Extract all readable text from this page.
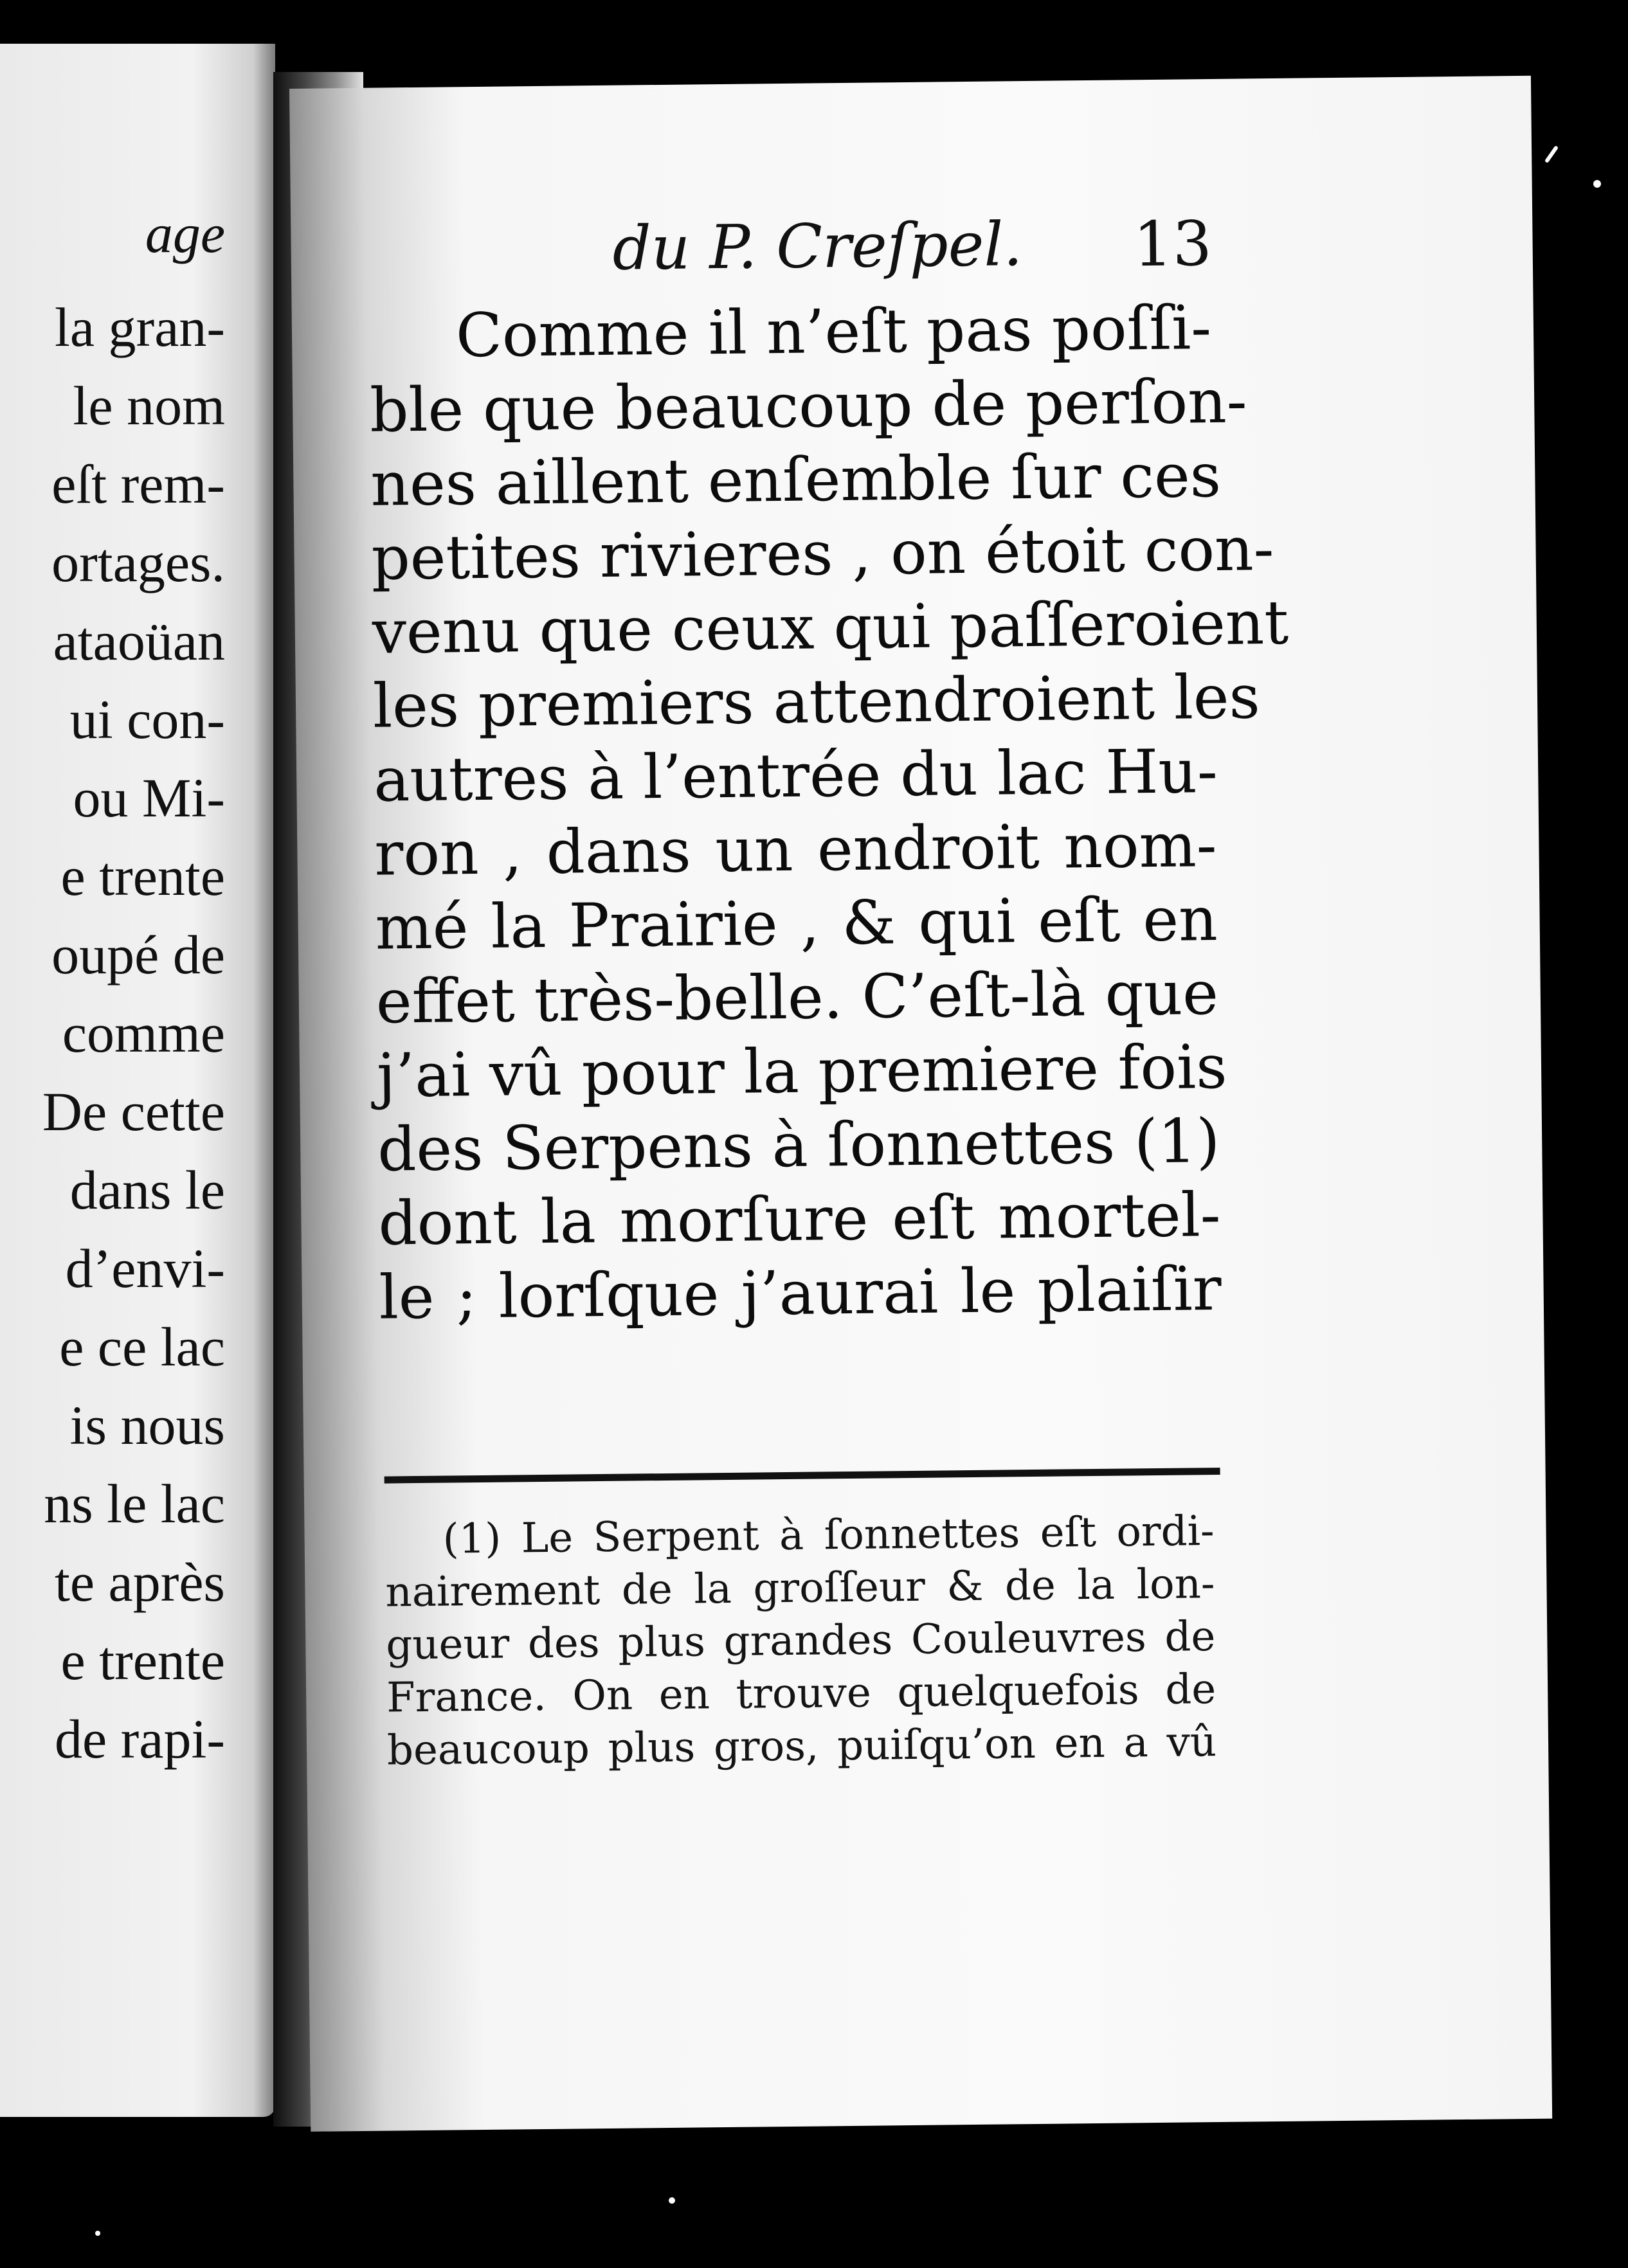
age
la gran-
le nom
eſt rem-
ortages.
ataoüan
ui con-
ou Mi-
e trente
oupé de
comme
De cette
dans le
d’envi-
e ce lac
is nous
ns le lac
te après
e trente
de rapi-
du P. Creſpel. 13
Comme il n’eſt pas poſſi-
ble que beaucoup de perſon-
nes aillent enſemble ſur ces
petites rivieres , on étoit con-
venu que ceux qui paſſeroient
les premiers attendroient les
autres à l’entrée du lac Hu-
ron , dans un endroit nom-
mé la Prairie , & qui eſt en
effet très-belle. C’eſt-là que
j’ai vû pour la premiere fois
des Serpens à ſonnettes (1)
dont la morſure eſt mortel-
le ; lorſque j’aurai le plaiſir
(1) Le Serpent à ſonnettes eſt ordi-
nairement de la groſſeur & de la lon-
gueur des plus grandes Couleuvres de
France. On en trouve quelquefois de
beaucoup plus gros, puiſqu’on en a vû
